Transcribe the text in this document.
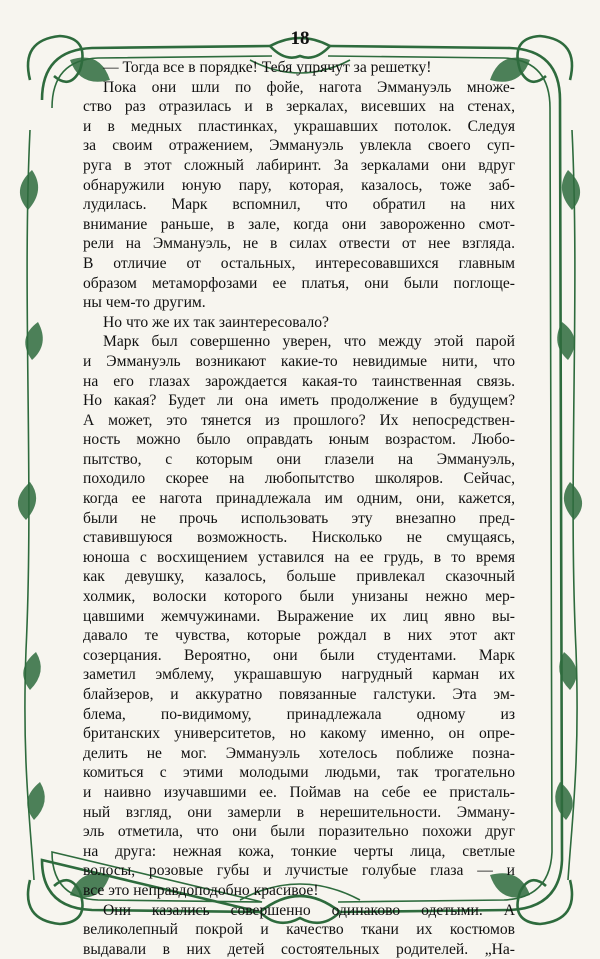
18
— Тогда все в порядке! Тебя упрячут за решетку!
Пока они шли по фойе, нагота Эммануэль множе-
ство раз отразилась и в зеркалах, висевших на стенах,
и в медных пластинках, украшавших потолок. Следуя
за своим отражением, Эммануэль увлекла своего суп-
руга в этот сложный лабиринт. За зеркалами они вдруг
обнаружили юную пару, которая, казалось, тоже заб-
лудилась. Марк вспомнил, что обратил на них
внимание раньше, в зале, когда они завороженно смот-
рели на Эммануэль, не в силах отвести от нее взгляда.
В отличие от остальных, интересовавшихся главным
образом метаморфозами ее платья, они были поглоще-
ны чем-то другим.
Но что же их так заинтересовало?
Марк был совершенно уверен, что между этой парой
и Эммануэль возникают какие-то невидимые нити, что
на его глазах зарождается какая-то таинственная связь.
Но какая? Будет ли она иметь продолжение в будущем?
А может, это тянется из прошлого? Их непосредствен-
ность можно было оправдать юным возрастом. Любо-
пытство, с которым они глазели на Эммануэль,
походило скорее на любопытство школяров. Сейчас,
когда ее нагота принадлежала им одним, они, кажется,
были не прочь использовать эту внезапно пред-
ставившуюся возможность. Нисколько не смущаясь,
юноша с восхищением уставился на ее грудь, в то время
как девушку, казалось, больше привлекал сказочный
холмик, волоски которого были унизаны нежно мер-
цавшими жемчужинами. Выражение их лиц явно вы-
давало те чувства, которые рождал в них этот акт
созерцания. Вероятно, они были студентами. Марк
заметил эмблему, украшавшую нагрудный карман их
блайзеров, и аккуратно повязанные галстуки. Эта эм-
блема, по-видимому, принадлежала одному из
британских университетов, но какому именно, он опре-
делить не мог. Эммануэль хотелось поближе позна-
комиться с этими молодыми людьми, так трогательно
и наивно изучавшими ее. Поймав на себе ее присталь-
ный взгляд, они замерли в нерешительности. Эмману-
эль отметила, что они были поразительно похожи друг
на друга: нежная кожа, тонкие черты лица, светлые
волосы, розовые губы и лучистые голубые глаза — и
все это неправдоподобно красивое!
Они казались совершенно одинаково одетыми. А
великолепный покрой и качество ткани их костюмов
выдавали в них детей состоятельных родителей. „На-
